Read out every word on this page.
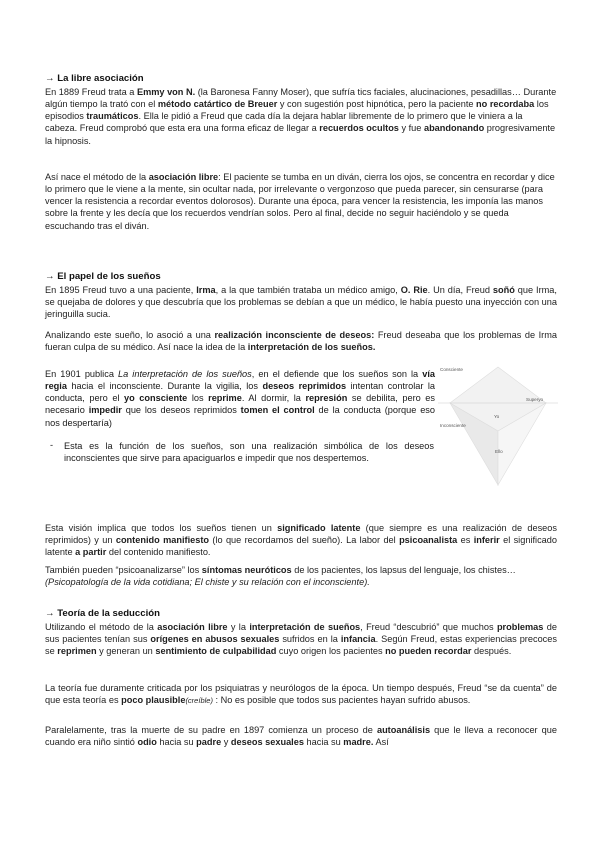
→ La libre asociación
En 1889 Freud trata a Emmy von N. (la Baronesa Fanny Moser), que sufría tics faciales, alucinaciones, pesadillas… Durante algún tiempo la trató con el método catártico de Breuer y con sugestión post hipnótica, pero la paciente no recordaba los episodios traumáticos. Ella le pidió a Freud que cada día la dejara hablar libremente de lo primero que le viniera a la cabeza. Freud comprobó que esta era una forma eficaz de llegar a recuerdos ocultos y fue abandonando progresivamente la hipnosis.
Así nace el método de la asociación libre: El paciente se tumba en un diván, cierra los ojos, se concentra en recordar y dice lo primero que le viene a la mente, sin ocultar nada, por irrelevante o vergonzoso que pueda parecer, sin censurarse (para vencer la resistencia a recordar eventos dolorosos). Durante una época, para vencer la resistencia, les imponía las manos sobre la frente y les decía que los recuerdos vendrían solos. Pero al final, decide no seguir haciéndolo y se queda escuchando tras el diván.
→ El papel de los sueños
En 1895 Freud tuvo a una paciente, Irma, a la que también trataba un médico amigo, O. Rie. Un día, Freud soñó que Irma, se quejaba de dolores y que descubría que los problemas se debían a que un médico, le había puesto una inyección con una jeringuilla sucia.
Analizando este sueño, lo asoció a una realización inconsciente de deseos: Freud deseaba que los problemas de Irma fueran culpa de su médico. Así nace la idea de la interpretación de los sueños.
En 1901 publica La interpretación de los sueños, en el defiende que los sueños son la vía regia hacia el inconsciente. Durante la vigilia, los deseos reprimidos intentan controlar la conducta, pero el yo consciente los reprime. Al dormir, la represión se debilita, pero es necesario impedir que los deseos reprimidos tomen el control de la conducta (porque eso nos despertaría)
Consciente
Yo
Superyo
Inconsciente
Ello
- Esta es la función de los sueños, son una realización simbólica de los deseos inconscientes que sirve para apaciguarlos e impedir que nos despertemos.
Esta visión implica que todos los sueños tienen un significado latente (que siempre es una realización de deseos reprimidos) y un contenido manifiesto (lo que recordamos del sueño). La labor del psicoanalista es inferir el significado latente a partir del contenido manifiesto.
También pueden “psicoanalizarse” los síntomas neuróticos de los pacientes, los lapsus del lenguaje, los chistes… (Psicopatología de la vida cotidiana; El chiste y su relación con el inconsciente).
→ Teoría de la seducción
Utilizando el método de la asociación libre y la interpretación de sueños, Freud “descubrió” que muchos problemas de sus pacientes tenían sus orígenes en abusos sexuales sufridos en la infancia. Según Freud, estas experiencias precoces se reprimen y generan un sentimiento de culpabilidad cuyo origen los pacientes no pueden recordar después.
La teoría fue duramente criticada por los psiquiatras y neurólogos de la época. Un tiempo después, Freud “se da cuenta” de que esta teoría es poco plausible(creíble) : No es posible que todos sus pacientes hayan sufrido abusos.
Paralelamente, tras la muerte de su padre en 1897 comienza un proceso de autoanálisis que le lleva a reconocer que cuando era niño sintió odio hacia su padre y deseos sexuales hacia su madre. Así
